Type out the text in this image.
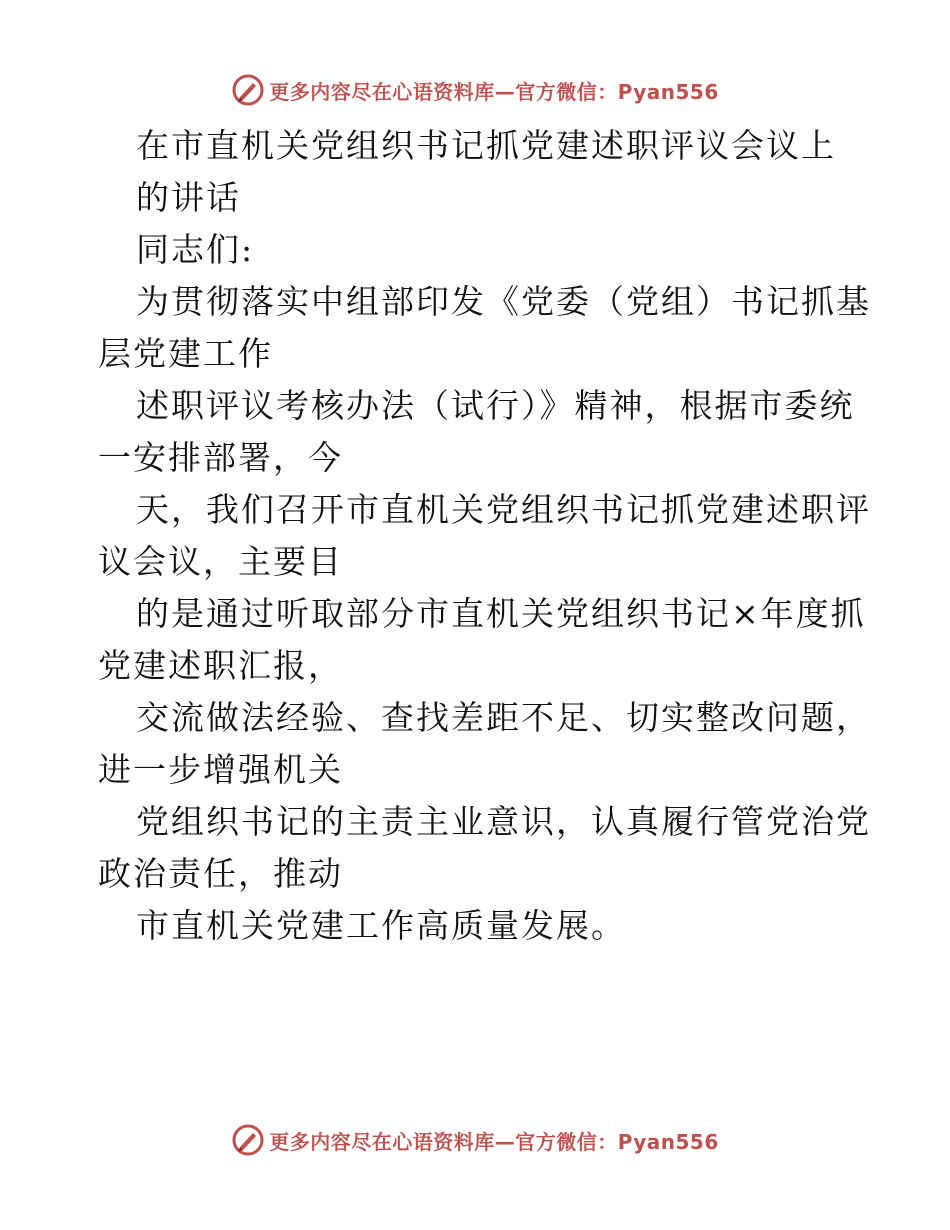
更多内容尽在心语资料库—官方微信：Pyan556

在市直机关党组织书记抓党建述职评议会议上
的讲话
同志们:
为贯彻落实中组部印发《党委（党组）书记抓基
层党建工作
述职评议考核办法（试行）》精神，根据市委统
一安排部署，今
天，我们召开市直机关党组织书记抓党建述职评
议会议，主要目
的是通过听取部分市直机关党组织书记×年度抓
党建述职汇报，
交流做法经验、查找差距不足、切实整改问题，
进一步增强机关
党组织书记的主责主业意识，认真履行管党治党
政治责任，推动
市直机关党建工作高质量发展。

更多内容尽在心语资料库—官方微信：Pyan556
